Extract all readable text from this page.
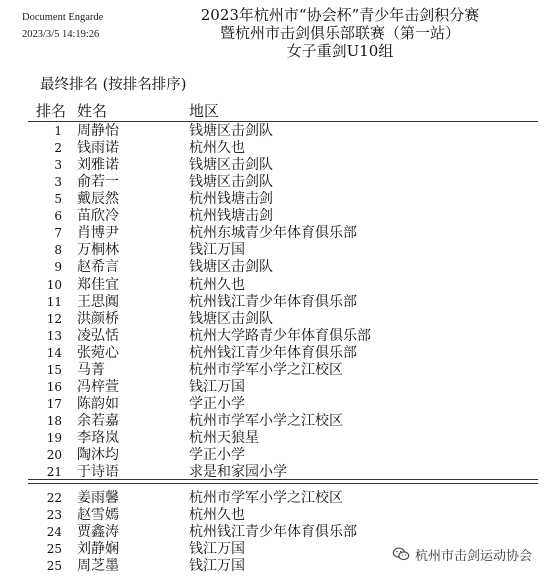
Document Engarde
2023/3/5 14:19:26
2023年杭州市“协会杯”青少年击剑积分赛
暨杭州市击剑俱乐部联赛（第一站）
女子重剑U10组
最终排名 (按排名排序)
排名 姓名	地区
1 周静怡	钱塘区击剑队
2 钱雨诺	杭州久也
3 刘雅诺	钱塘区击剑队
3 俞若一	钱塘区击剑队
5 戴辰然	杭州钱塘击剑
6 苗欣冷	杭州钱塘击剑
7 肖博尹	杭州东城青少年体育俱乐部
8 万桐林	钱江万国
9 赵希言	钱塘区击剑队
10 郑佳宜	杭州久也
11 王思阗	杭州钱江青少年体育俱乐部
12 洪颜桥	钱塘区击剑队
13 凌弘恬	杭州大学路青少年体育俱乐部
14 张菀心	杭州钱江青少年体育俱乐部
15 马菁	杭州市学军小学之江校区
16 冯梓萱	钱江万国
17 陈韵如	学正小学
18 余若嘉	杭州市学军小学之江校区
19 李珞岚	杭州天狼星
20 陶沐均	学正小学
21 于诗语	求是和家园小学
22 姜雨馨	杭州市学军小学之江校区
23 赵雪嫣	杭州久也
24 贾鑫涛	杭州钱江青少年体育俱乐部
25 刘静娴	钱江万国
25 周芝墨	钱江万国
杭州市击剑运动协会
